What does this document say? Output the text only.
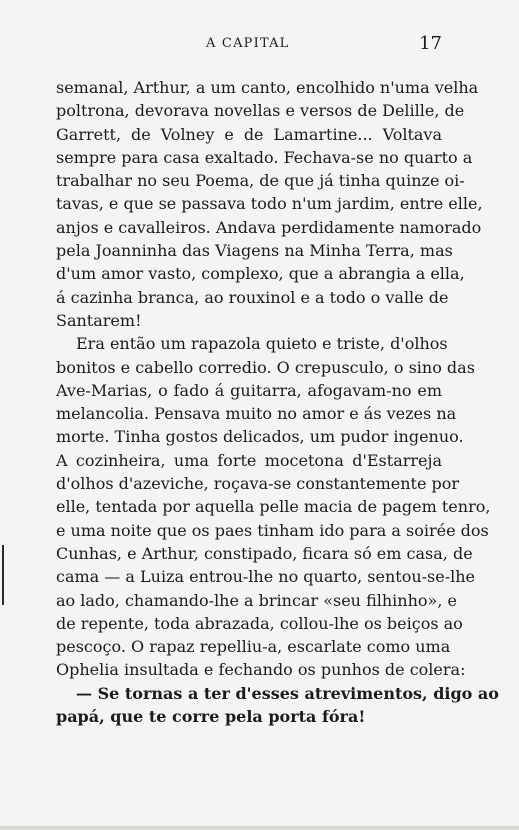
A CAPITAL	17
semanal, Arthur, a um canto, encolhido n'uma velha
poltrona, devorava novellas e versos de Delille, de
Garrett, de Volney e de Lamartine... Voltava
sempre para casa exaltado. Fechava-se no quarto a
trabalhar no seu Poema, de que já tinha quinze oi-
tavas, e que se passava todo n'um jardim, entre elle,
anjos e cavalleiros. Andava perdidamente namorado
pela Joanninha das Viagens na Minha Terra, mas
d'um amor vasto, complexo, que a abrangia a ella,
á cazinha branca, ao rouxinol e a todo o valle de
Santarem!
Era então um rapazola quieto e triste, d'olhos
bonitos e cabello corredio. O crepusculo, o sino das
Ave-Marias, o fado á guitarra, afogavam-no em
melancolia. Pensava muito no amor e ás vezes na
morte. Tinha gostos delicados, um pudor ingenuo.
A cozinheira, uma forte mocetona d'Estarreja
d'olhos d'azeviche, roçava-se constantemente por
elle, tentada por aquella pelle macia de pagem tenro,
e uma noite que os paes tinham ido para a soirée dos
Cunhas, e Arthur, constipado, ficara só em casa, de
cama — a Luiza entrou-lhe no quarto, sentou-se-lhe
ao lado, chamando-lhe a brincar «seu filhinho», e
de repente, toda abrazada, collou-lhe os beiços ao
pescoço. O rapaz repelliu-a, escarlate como uma
Ophelia insultada e fechando os punhos de colera:
— Se tornas a ter d'esses atrevimentos, digo ao
papá, que te corre pela porta fóra!
